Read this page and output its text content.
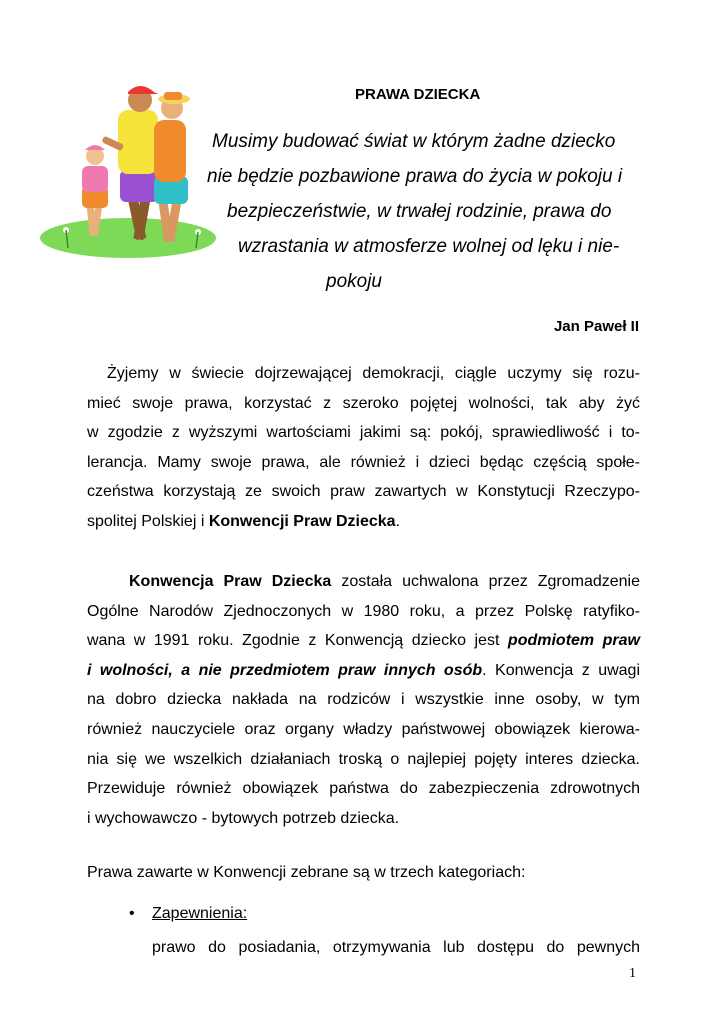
PRAWA DZIECKA
Musimy budować świat w którym żadne dziecko
nie będzie pozbawione prawa do życia w pokoju i
bezpieczeństwie, w trwałej rodzinie, prawa do
wzrastania w atmosferze wolnej od lęku i nie-
pokoju
Jan Paweł II
Żyjemy w świecie dojrzewającej demokracji, ciągle uczymy się rozu-
mieć swoje prawa, korzystać z szeroko pojętej wolności, tak aby żyć
w zgodzie z wyższymi wartościami jakimi są: pokój, sprawiedliwość i to-
lerancja. Mamy swoje prawa, ale również i dzieci będąc częścią społe-
czeństwa korzystają ze swoich praw zawartych w Konstytucji Rzeczypo-
spolitej Polskiej i Konwencji Praw Dziecka.
Konwencja Praw Dziecka została uchwalona przez Zgromadzenie
Ogólne Narodów Zjednoczonych w 1980 roku, a przez Polskę ratyfiko-
wana w 1991 roku. Zgodnie z Konwencją dziecko jest podmiotem praw
i wolności, a nie przedmiotem praw innych osób. Konwencja z uwagi
na dobro dziecka nakłada na rodziców i wszystkie inne osoby, w tym
również nauczyciele oraz organy władzy państwowej obowiązek kierowa-
nia się we wszelkich działaniach troską o najlepiej pojęty interes dziecka.
Przewiduje również obowiązek państwa do zabezpieczenia zdrowotnych
i wychowawczo - bytowych potrzeb dziecka.
Prawa zawarte w Konwencji zebrane są w trzech kategoriach:
• Zapewnienia:
prawo do posiadania, otrzymywania lub dostępu do pewnych
1
